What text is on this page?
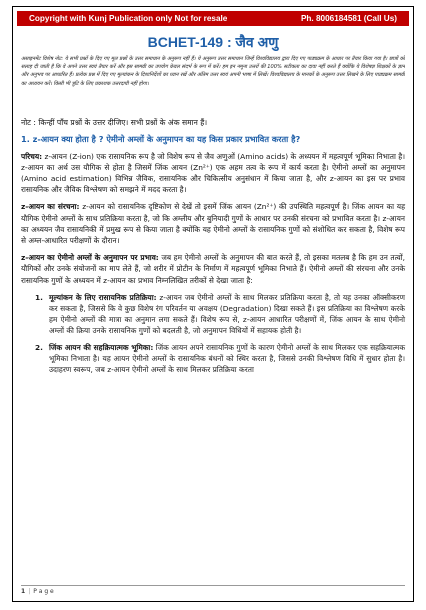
Copyright with Kunj Publication only Not for resale	Ph. 8006184581 (Call Us)
BCHET-149 : जैव अणु
असाइनमेंट विशेष नोट: ये सभी प्रश्नों के दिए गए मूल प्रश्नों के उत्तर समाधान के अनुरूप नहीं हैं। ये अनुरूप उत्तर समाधान जिन्हें विश्वविद्यालय द्वारा दिए गए पाठ्यक्रम के आधार पर तैयार किया गया है। छात्रों को सलाह दी जाती है कि वे अपने उत्तर स्वयं तैयार करें और इस सामग्री का उपयोग केवल संदर्भ के रूप में करें। हम इन नमूना उत्तरों की 100% सटीकता का दावा नहीं करते हैं क्योंकि ये विशेषज्ञ शिक्षकों के ज्ञान और अनुभव पर आधारित हैं। प्रत्येक प्रश्न में दिए गए मूल्यांकन के दिशानिर्देशों का ध्यान रखें और अंतिम उत्तर स्वयं अपनी भाषा में लिखें। विश्वविद्यालय के मानकों के अनुरूप उत्तर लिखने के लिए पाठ्यक्रम सामग्री का अध्ययन करें। किसी भी त्रुटि के लिए प्रकाशक उत्तरदायी नहीं होगा।
नोट : किन्हीं पाँच प्रश्नों के उत्तर दीजिए। सभी प्रश्नों के अंक समान हैं।
1. z-आयन क्या होता है ? ऐमीनो अम्लों के अनुमापन का यह किस प्रकार प्रभावित करता है?
परिचय: z-आयन (Z-ion) एक रासायनिक रूप है जो विशेष रूप से जैव अणुओं (Amino acids) के अध्ययन में महत्वपूर्ण भूमिका निभाता है। z-आयन का अर्थ उस यौगिक से होता है जिसमें जिंक आयन (Zn²⁺) एक अहम तत्व के रूप में कार्य करता है। ऐमीनो अम्लों का अनुमापन (Amino acid estimation) विभिन्न जैविक, रासायनिक और चिकित्सीय अनुसंधान में किया जाता है, और z-आयन का इस पर प्रभाव रासायनिक और जैविक विश्लेषण को समझने में मदद करता है।
z-आयन का संरचना: z-आयन को रासायनिक दृष्टिकोण से देखें तो इसमें जिंक आयन (Zn²⁺) की उपस्थिति महत्वपूर्ण है। जिंक आयन का यह यौगिक ऐमीनो अम्लों के साथ प्रतिक्रिया करता है, जो कि अम्लीय और बुनियादी गुणों के आधार पर उनकी संरचना को प्रभावित करता है। z-आयन का अध्ययन जैव रासायनिकी में प्रमुख रूप से किया जाता है क्योंकि यह ऐमीनो अम्लों के रासायनिक गुणों को संशोधित कर सकता है, विशेष रूप से अम्ल-आधारित परीक्षणों के दौरान।
z-आयन का ऐमीनो अम्लों के अनुमापन पर प्रभाव: जब हम ऐमीनो अम्लों के अनुमापन की बात करते हैं, तो इसका मतलब है कि हम उन तत्वों, यौगिकों और उनके संयोजनों का माप लेते हैं, जो शरीर में प्रोटीन के निर्माण में महत्वपूर्ण भूमिका निभाते हैं। ऐमीनो अम्लों की संरचना और उनके रासायनिक गुणों के अध्ययन में z-आयन का प्रभाव निम्नलिखित तरीकों से देखा जाता है:
1. मूल्यांकन के लिए रासायनिक प्रतिक्रिया: z-आयन जब ऐमीनो अम्लों के साथ मिलकर प्रतिक्रिया करता है, तो यह उनका ऑक्सीकरण कर सकता है, जिससे कि वे कुछ विशेष रंग परिवर्तन या अवक्षय (Degradation) दिखा सकते हैं। इस प्रतिक्रिया का विश्लेषण करके हम ऐमीनो अम्लों की मात्रा का अनुमान लगा सकते हैं। विशेष रूप से, z-आयन आधारित परीक्षणों में, जिंक आयन के साथ ऐमीनो अम्लों की क्रिया उनके रासायनिक गुणों को बदलती है, जो अनुमापन विधियों में सहायक होती है।
2. जिंक आयन की सहक्रियात्मक भूमिका: जिंक आयन अपने रासायनिक गुणों के कारण ऐमीनो अम्लों के साथ मिलकर एक सहक्रियात्मक भूमिका निभाता है। यह आयन ऐमीनो अम्लों के रासायनिक बंधनों को स्थिर करता है, जिससे उनकी विश्लेषण विधि में सुधार होता है। उदाहरण स्वरूप, जब z-आयन ऐमीनो अम्लों के साथ मिलकर प्रतिक्रिया करता
1 | P a g e
